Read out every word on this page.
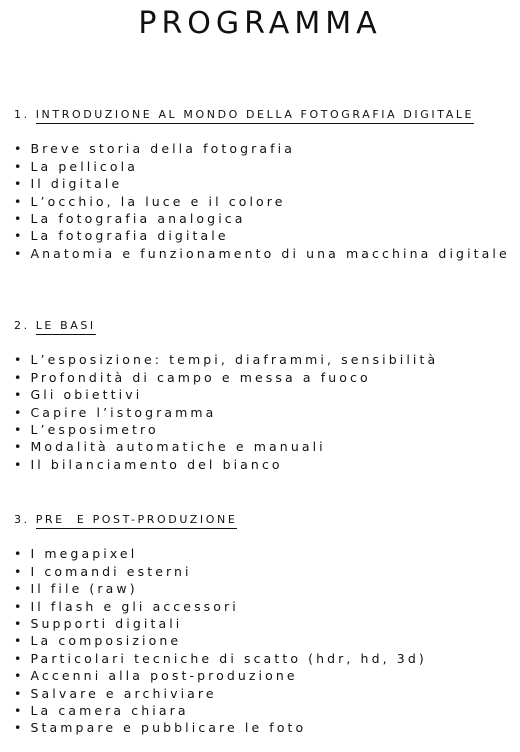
PROGRAMMA

1. INTRODUZIONE AL MONDO DELLA FOTOGRAFIA DIGITALE

• Breve storia della fotografia
• La pellicola
• Il digitale
• L’occhio, la luce e il colore
• La fotografia analogica
• La fotografia digitale
• Anatomia e funzionamento di una macchina digitale

2. LE BASI

• L’esposizione: tempi, diaframmi, sensibilità
• Profondità di campo e messa a fuoco
• Gli obiettivi
• Capire l’istogramma
• L’esposimetro
• Modalità automatiche e manuali
• Il bilanciamento del bianco

3. PRE  E POST-PRODUZIONE

• I megapixel
• I comandi esterni
• Il file (raw)
• Il flash e gli accessori
• Supporti digitali
• La composizione
• Particolari tecniche di scatto (hdr, hd, 3d)
• Accenni alla post-produzione
• Salvare e archiviare
• La camera chiara
• Stampare e pubblicare le foto
